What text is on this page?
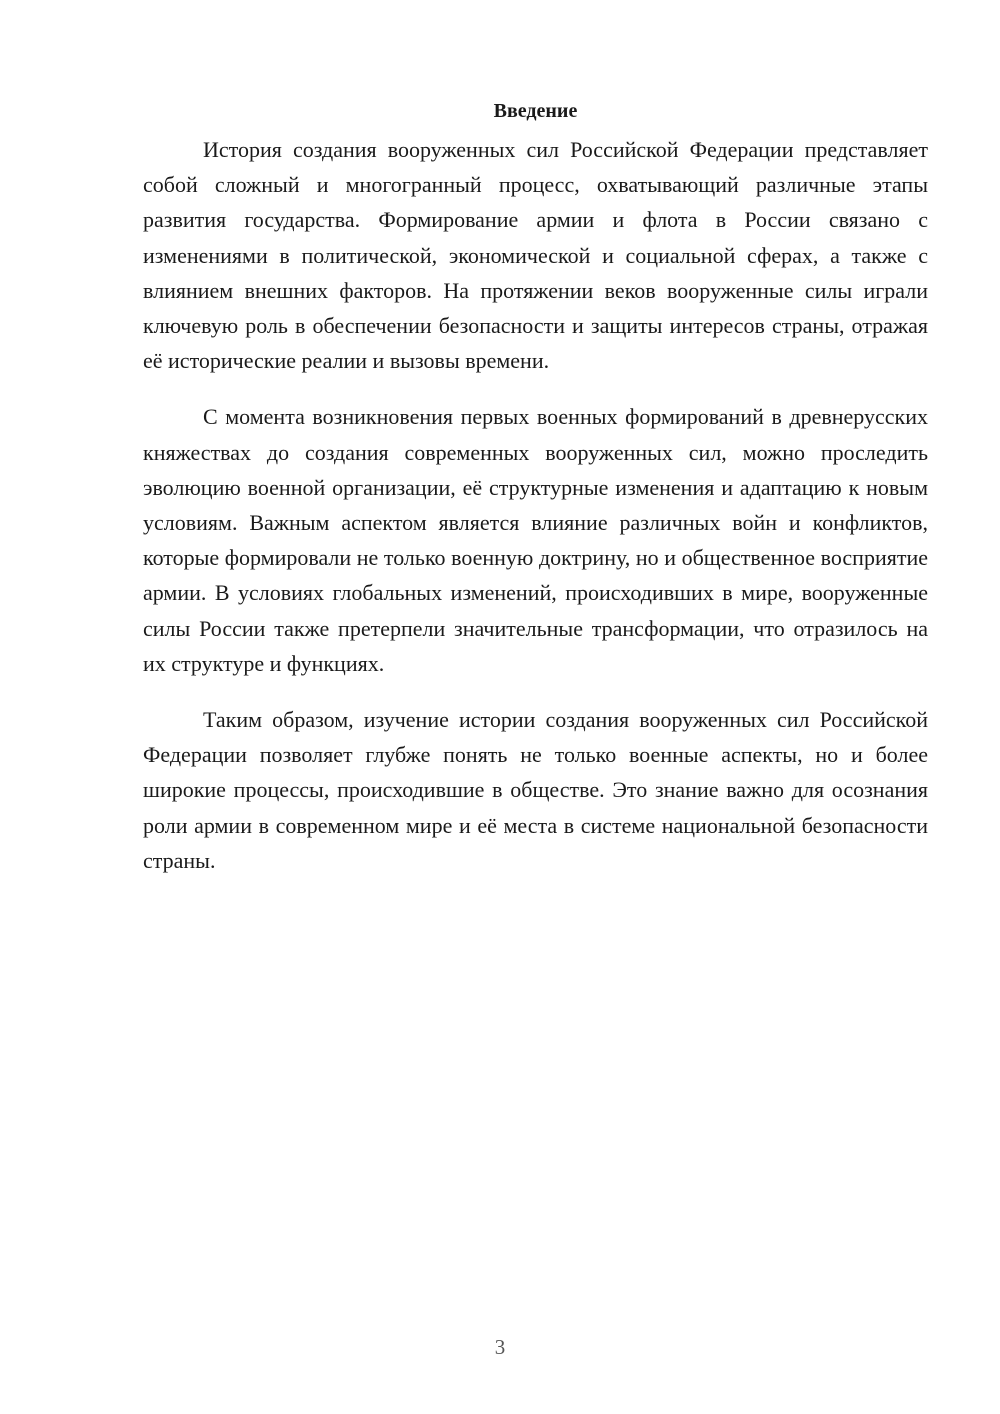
Введение

История создания вооруженных сил Российской Федерации представляет собой сложный и многогранный процесс, охватывающий различные этапы развития государства. Формирование армии и флота в России связано с изменениями в политической, экономической и социальной сферах, а также с влиянием внешних факторов. На протяжении веков вооруженные силы играли ключевую роль в обеспечении безопасности и защиты интересов страны, отражая её исторические реалии и вызовы времени.

С момента возникновения первых военных формирований в древнерусских княжествах до создания современных вооруженных сил, можно проследить эволюцию военной организации, её структурные изменения и адаптацию к новым условиям. Важным аспектом является влияние различных войн и конфликтов, которые формировали не только военную доктрину, но и общественное восприятие армии. В условиях глобальных изменений, происходивших в мире, вооруженные силы России также претерпели значительные трансформации, что отразилось на их структуре и функциях.

Таким образом, изучение истории создания вооруженных сил Российской Федерации позволяет глубже понять не только военные аспекты, но и более широкие процессы, происходившие в обществе. Это знание важно для осознания роли армии в современном мире и её места в системе национальной безопасности страны.

3
